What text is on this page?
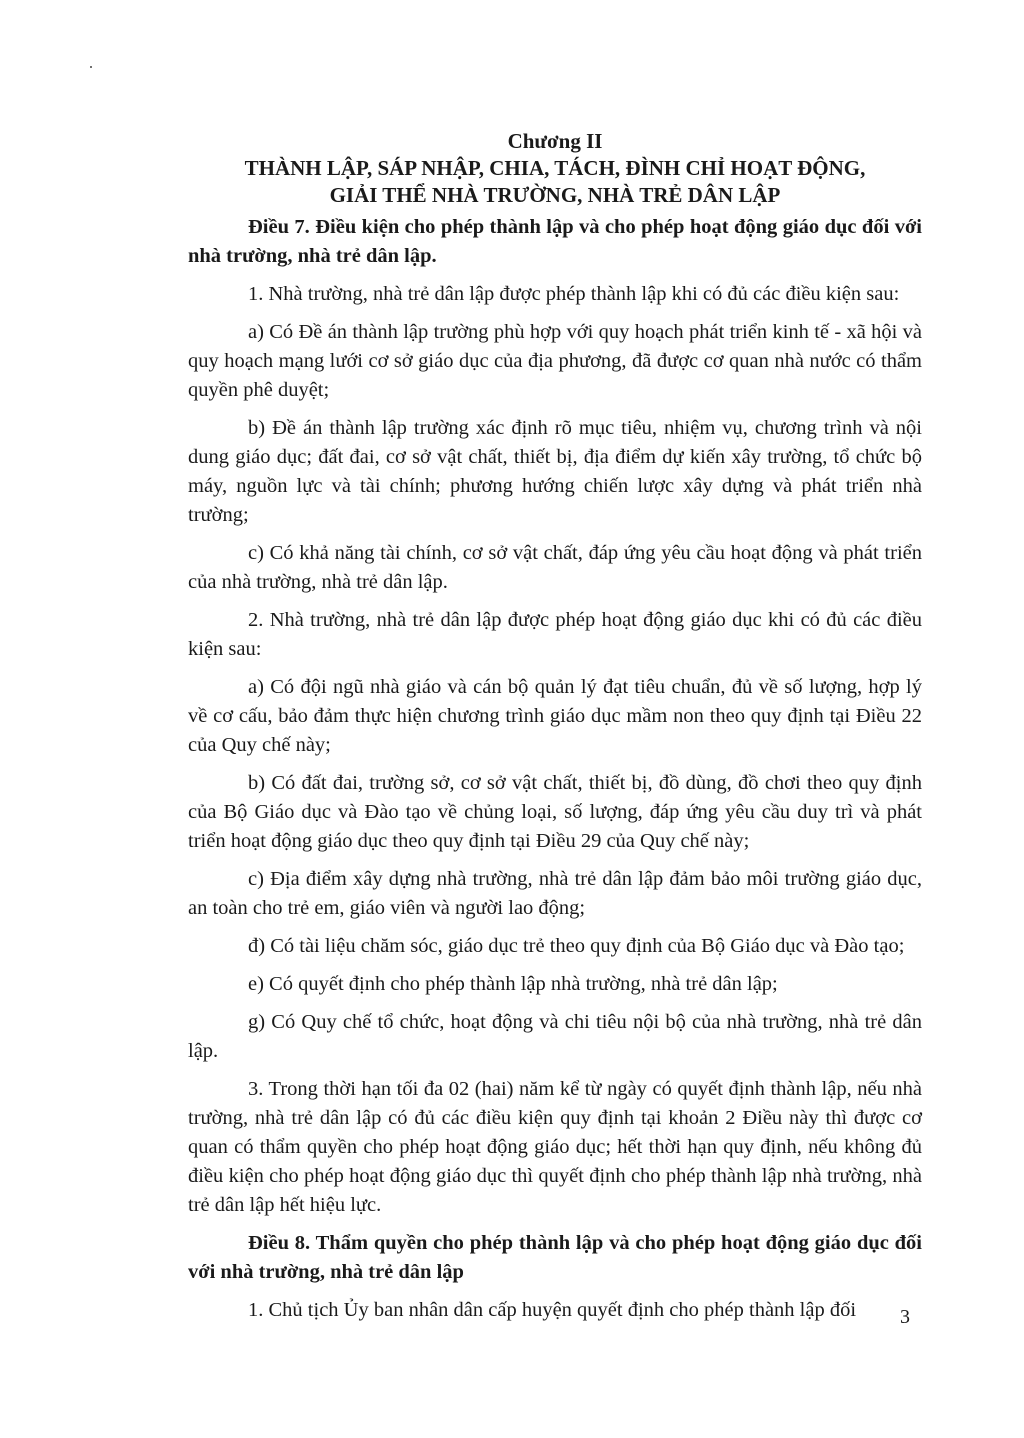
Chương II
THÀNH LẬP, SÁP NHẬP, CHIA, TÁCH, ĐÌNH CHỈ HOẠT ĐỘNG,
GIẢI THỂ NHÀ TRƯỜNG, NHÀ TRẺ DÂN LẬP
Điều 7. Điều kiện cho phép thành lập và cho phép hoạt động giáo dục đối với nhà trường, nhà trẻ dân lập.

1. Nhà trường, nhà trẻ dân lập được phép thành lập khi có đủ các điều kiện sau:

a) Có Đề án thành lập trường phù hợp với quy hoạch phát triển kinh tế - xã hội và quy hoạch mạng lưới cơ sở giáo dục của địa phương, đã được cơ quan nhà nước có thẩm quyền phê duyệt;

b) Đề án thành lập trường xác định rõ mục tiêu, nhiệm vụ, chương trình và nội dung giáo dục; đất đai, cơ sở vật chất, thiết bị, địa điểm dự kiến xây trường, tổ chức bộ máy, nguồn lực và tài chính; phương hướng chiến lược xây dựng và phát triển nhà trường;

c) Có khả năng tài chính, cơ sở vật chất, đáp ứng yêu cầu hoạt động và phát triển của nhà trường, nhà trẻ dân lập.

2. Nhà trường, nhà trẻ dân lập được phép hoạt động giáo dục khi có đủ các điều kiện sau:

a) Có đội ngũ nhà giáo và cán bộ quản lý đạt tiêu chuẩn, đủ về số lượng, hợp lý về cơ cấu, bảo đảm thực hiện chương trình giáo dục mầm non theo quy định tại Điều 22 của Quy chế này;

b) Có đất đai, trường sở, cơ sở vật chất, thiết bị, đồ dùng, đồ chơi theo quy định của Bộ Giáo dục và Đào tạo về chủng loại, số lượng, đáp ứng yêu cầu duy trì và phát triển hoạt động giáo dục theo quy định tại Điều 29 của Quy chế này;

c) Địa điểm xây dựng nhà trường, nhà trẻ dân lập đảm bảo môi trường giáo dục, an toàn cho trẻ em, giáo viên và người lao động;

đ) Có tài liệu chăm sóc, giáo dục trẻ theo quy định của Bộ Giáo dục và Đào tạo;

e) Có quyết định cho phép thành lập nhà trường, nhà trẻ dân lập;

g) Có Quy chế tổ chức, hoạt động và chi tiêu nội bộ của nhà trường, nhà trẻ dân lập.

3. Trong thời hạn tối đa 02 (hai) năm kể từ ngày có quyết định thành lập, nếu nhà trường, nhà trẻ dân lập có đủ các điều kiện quy định tại khoản 2 Điều này thì được cơ quan có thẩm quyền cho phép hoạt động giáo dục; hết thời hạn quy định, nếu không đủ điều kiện cho phép hoạt động giáo dục thì quyết định cho phép thành lập nhà trường, nhà trẻ dân lập hết hiệu lực.

Điều 8. Thẩm quyền cho phép thành lập và cho phép hoạt động giáo dục đối với nhà trường, nhà trẻ dân lập

1. Chủ tịch Ủy ban nhân dân cấp huyện quyết định cho phép thành lập đối	3
